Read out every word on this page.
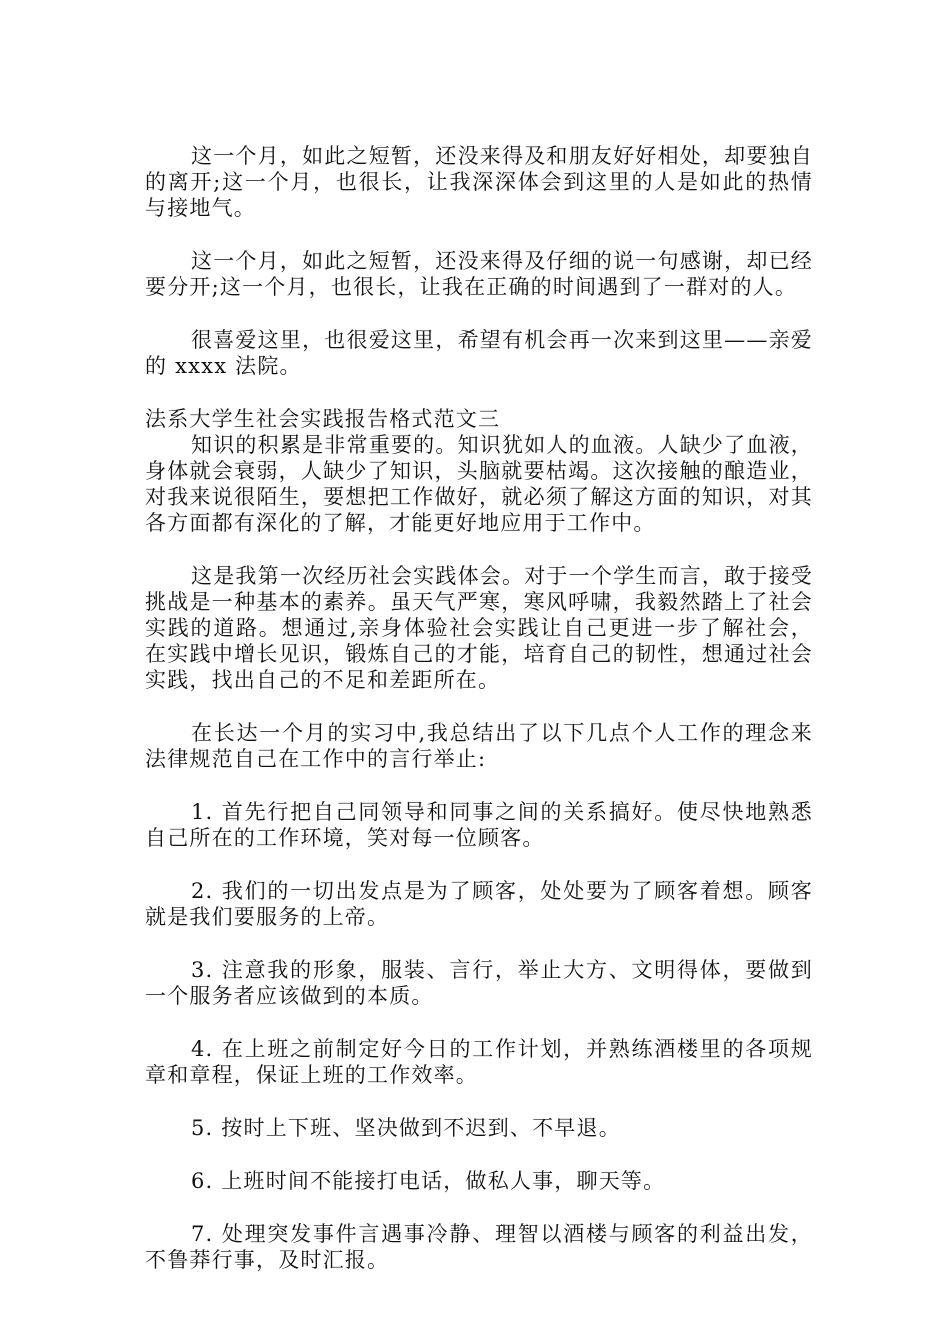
这一个月，如此之短暂，还没来得及和朋友好好相处，却要独自的离开;这一个月，也很长，让我深深体会到这里的人是如此的热情与接地气。

这一个月，如此之短暂，还没来得及仔细的说一句感谢，却已经要分开;这一个月，也很长，让我在正确的时间遇到了一群对的人。

很喜爱这里，也很爱这里，希望有机会再一次来到这里——亲爱的 xxxx 法院。

法系大学生社会实践报告格式范文三

知识的积累是非常重要的。知识犹如人的血液。人缺少了血液，身体就会衰弱，人缺少了知识，头脑就要枯竭。这次接触的酿造业，对我来说很陌生，要想把工作做好，就必须了解这方面的知识，对其各方面都有深化的了解，才能更好地应用于工作中。

这是我第一次经历社会实践体会。对于一个学生而言，敢于接受挑战是一种基本的素养。虽天气严寒，寒风呼啸，我毅然踏上了社会实践的道路。想通过,亲身体验社会实践让自己更进一步了解社会，在实践中增长见识，锻炼自己的才能，培育自己的韧性，想通过社会实践，找出自己的不足和差距所在。

在长达一个月的实习中,我总结出了以下几点个人工作的理念来法律规范自己在工作中的言行举止:

1. 首先行把自己同领导和同事之间的关系搞好。使尽快地熟悉自己所在的工作环境，笑对每一位顾客。

2. 我们的一切出发点是为了顾客，处处要为了顾客着想。顾客就是我们要服务的上帝。

3. 注意我的形象，服装、言行，举止大方、文明得体，要做到一个服务者应该做到的本质。

4. 在上班之前制定好今日的工作计划，并熟练酒楼里的各项规章和章程，保证上班的工作效率。

5. 按时上下班、坚决做到不迟到、不早退。

6. 上班时间不能接打电话，做私人事，聊天等。

7. 处理突发事件言遇事冷静、理智以酒楼与顾客的利益出发，不鲁莽行事，及时汇报。
